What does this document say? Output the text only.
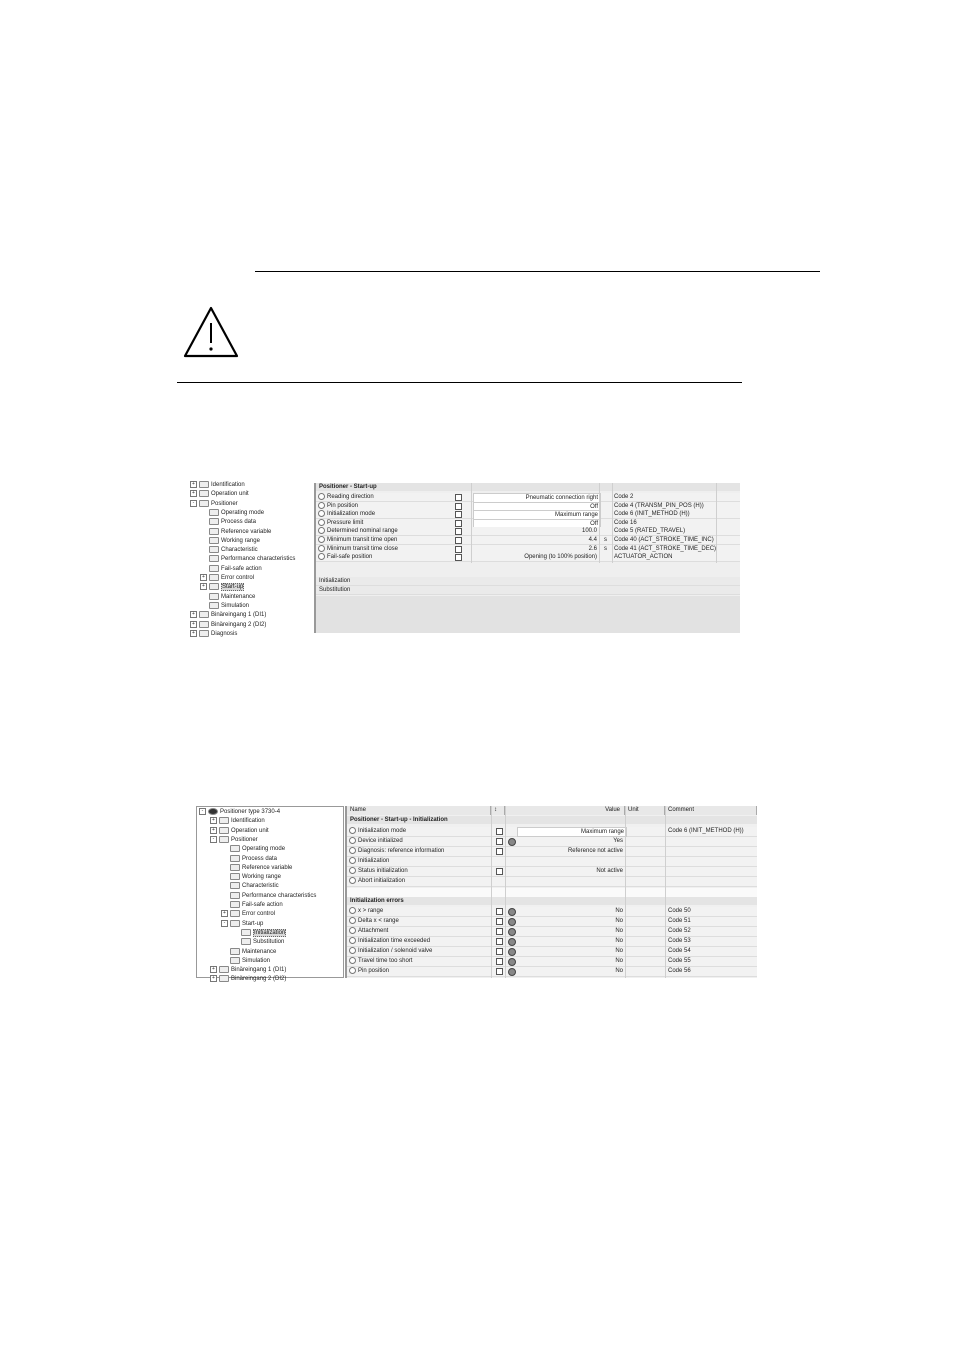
+	Identification
+	Operation unit
-	Positioner
Operating mode
Process data
Reference variable
Working range
Characteristic
Performance characteristics
Fail-safe action
+	Error control
+	Start-up
Maintenance
Simulation
+	Binäreingang 1 (DI1)
+	Binäreingang 2 (DI2)
+	Diagnosis
Positioner - Start-up
Reading direction	Pneumatic connection right	Code 2
Pin position	Off	Code 4 (TRANSM_PIN_POS (H))
Initialization mode	Maximum range	Code 6 (INIT_METHOD (H))
Pressure limit	Off	Code 16
Determined nominal range	100.0	Code 5 (RATED_TRAVEL)
Minimum transit time open	4.4	s	Code 40 (ACT_STROKE_TIME_INC)
Minimum transit time close	2.6	s	Code 41 (ACT_STROKE_TIME_DEC)
Fail-safe position	Opening (to 100% position)	ACTUATOR_ACTION
Initialization
Substitution
-	Positioner type 3730-4
+	Identification
+	Operation unit
-	Positioner
Operating mode
Process data
Reference variable
Working range
Characteristic
Performance characteristics
Fail-safe action
+	Error control
-	Start-up
Initialization
Substitution
Maintenance
Simulation
+	Binäreingang 1 (DI1)
+	Binäreingang 2 (DI2)
Name	↕	Value	Unit	Comment
Positioner - Start-up - Initialization
Initialization mode	Maximum range	Code 6 (INIT_METHOD (H))
Device initialized	Yes
Diagnosis: reference information	Reference not active
Initialization
Status initialization	Not active
Abort initialization
Initialization errors
x > range	No	Code 50
Delta x < range	No	Code 51
Attachment	No	Code 52
Initialization time exceeded	No	Code 53
Initialization / solenoid valve	No	Code 54
Travel time too short	No	Code 55
Pin position	No	Code 56
